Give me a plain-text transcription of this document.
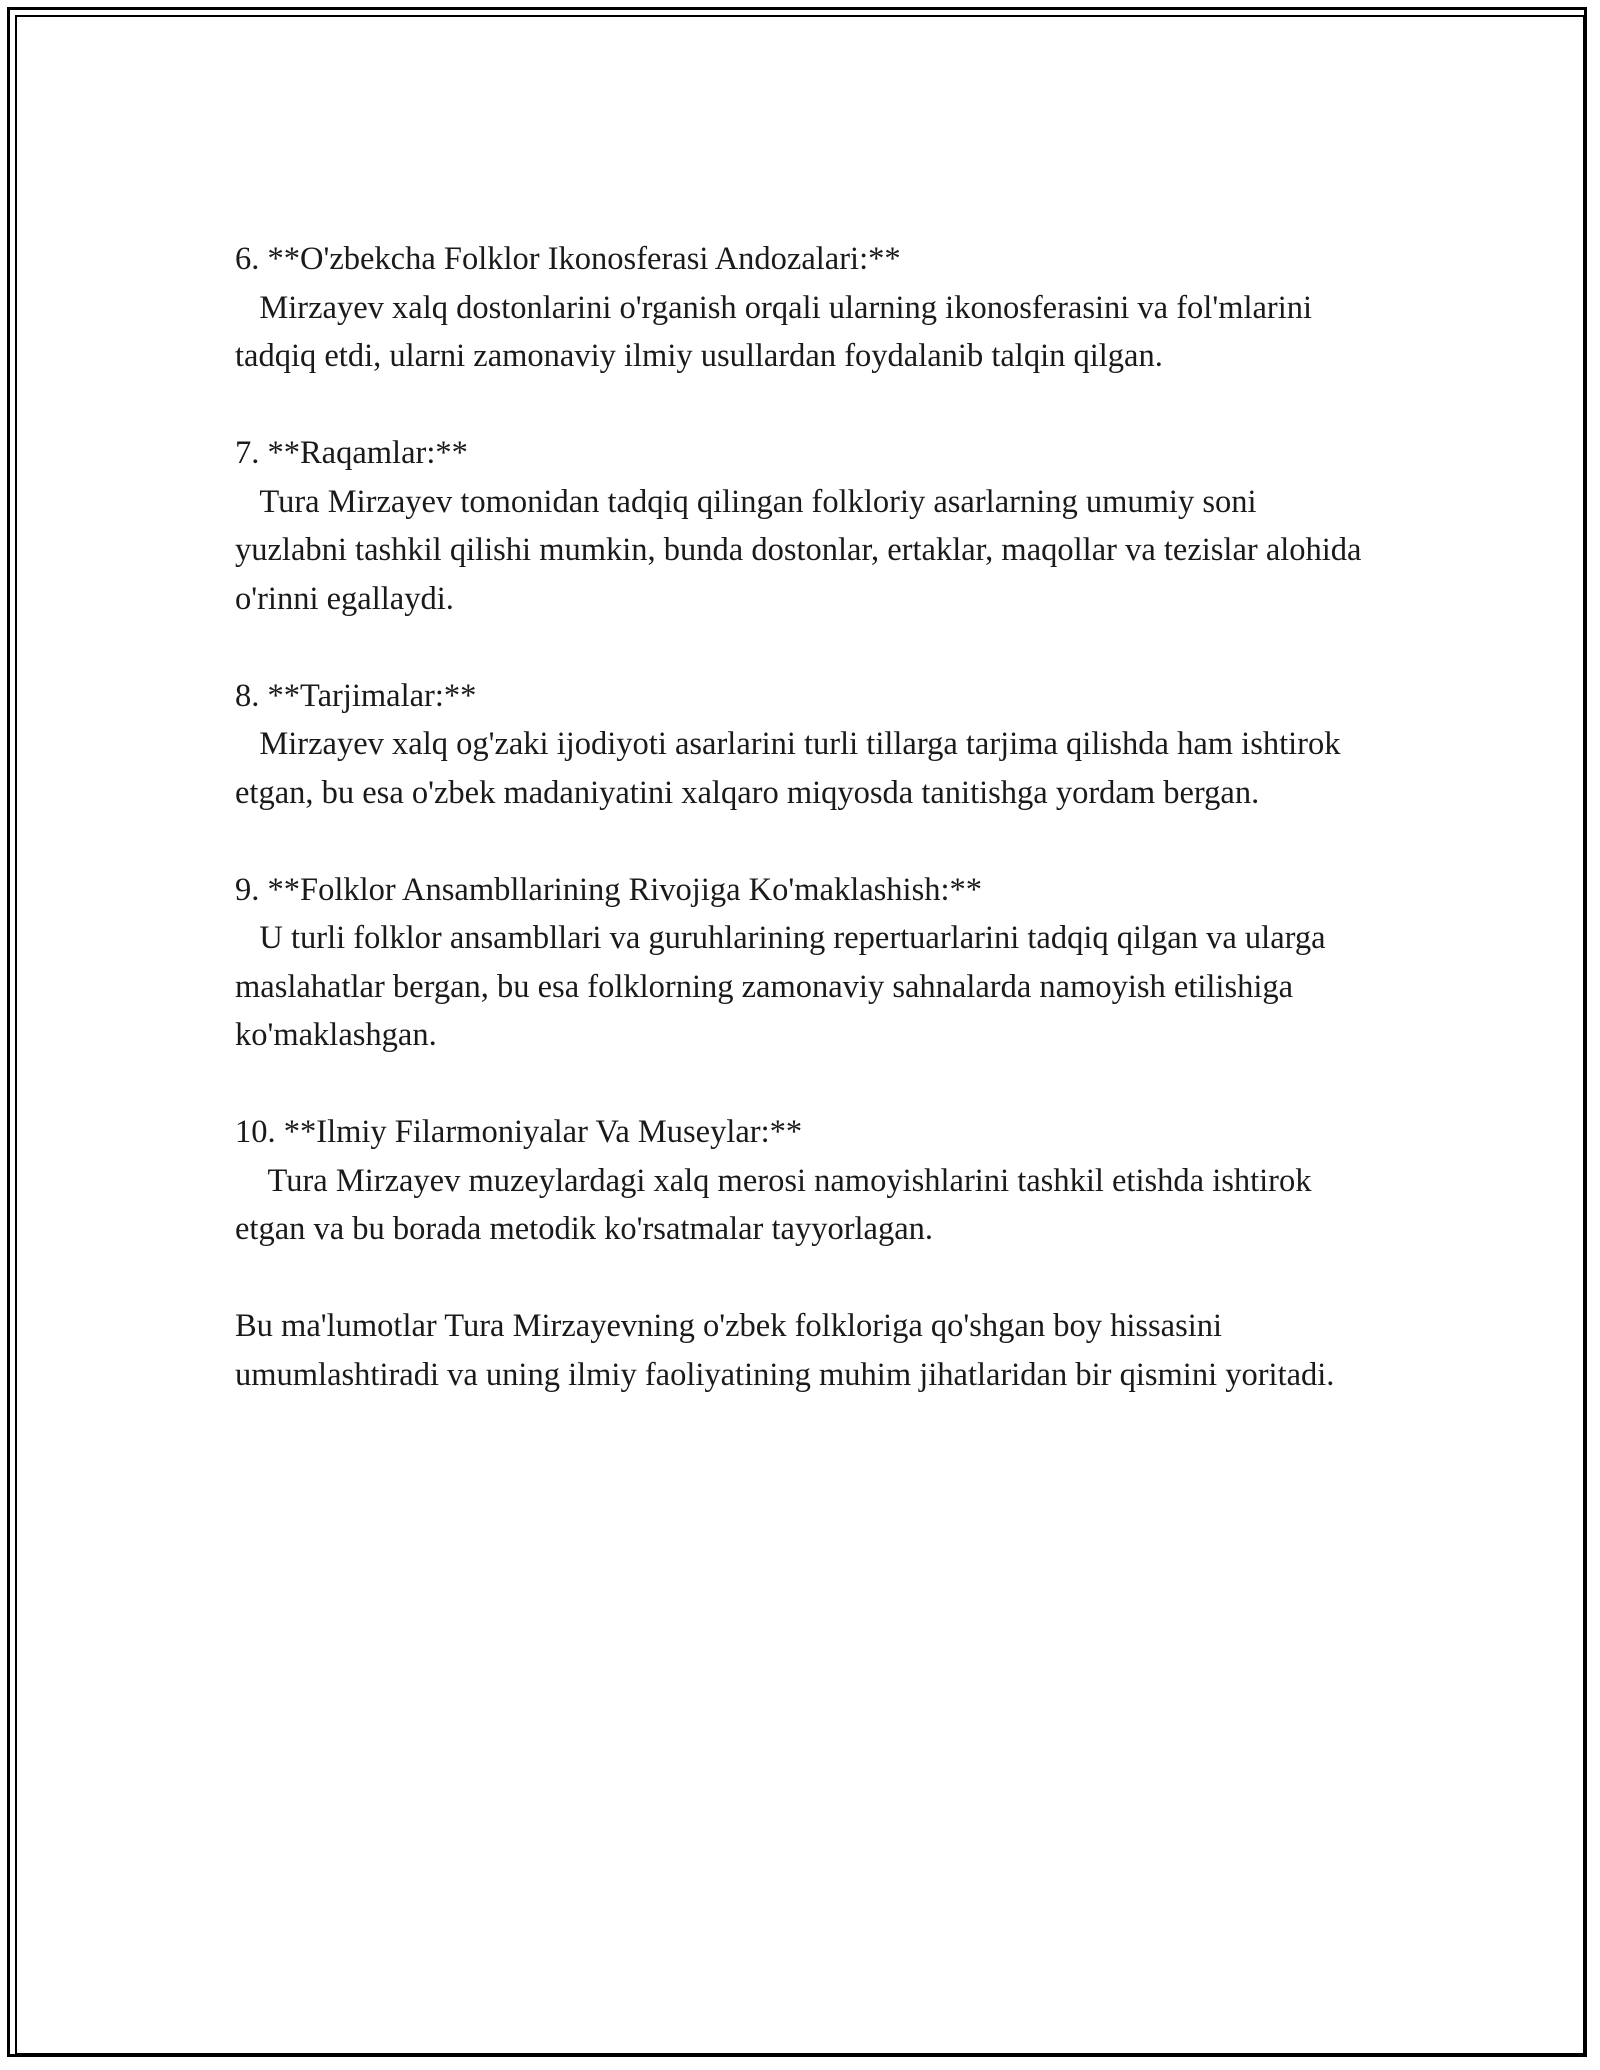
6. **O'zbekcha Folklor Ikonosferasi Andozalari:**

Mirzayev xalq dostonlarini o'rganish orqali ularning ikonosferasini va fol'mlarini tadqiq etdi, ularni zamonaviy ilmiy usullardan foydalanib talqin qilgan.

7. **Raqamlar:**

Tura Mirzayev tomonidan tadqiq qilingan folkloriy asarlarning umumiy soni yuzlabni tashkil qilishi mumkin, bunda dostonlar, ertaklar, maqollar va tezislar alohida o'rinni egallaydi.

8. **Tarjimalar:**

Mirzayev xalq og'zaki ijodiyoti asarlarini turli tillarga tarjima qilishda ham ishtirok etgan, bu esa o'zbek madaniyatini xalqaro miqyosda tanitishga yordam bergan.

9. **Folklor Ansambllarining Rivojiga Ko'maklashish:**

U turli folklor ansambllari va guruhlarining repertuarlarini tadqiq qilgan va ularga maslahatlar bergan, bu esa folklorning zamonaviy sahnalarda namoyish etilishiga ko'maklashgan.

10. **Ilmiy Filarmoniyalar Va Museylar:**

Tura Mirzayev muzeylardagi xalq merosi namoyishlarini tashkil etishda ishtirok etgan va bu borada metodik ko'rsatmalar tayyorlagan.

Bu ma'lumotlar Tura Mirzayevning o'zbek folkloriga qo'shgan boy hissasini umumlashtiradi va uning ilmiy faoliyatining muhim jihatlaridan bir qismini yoritadi.
